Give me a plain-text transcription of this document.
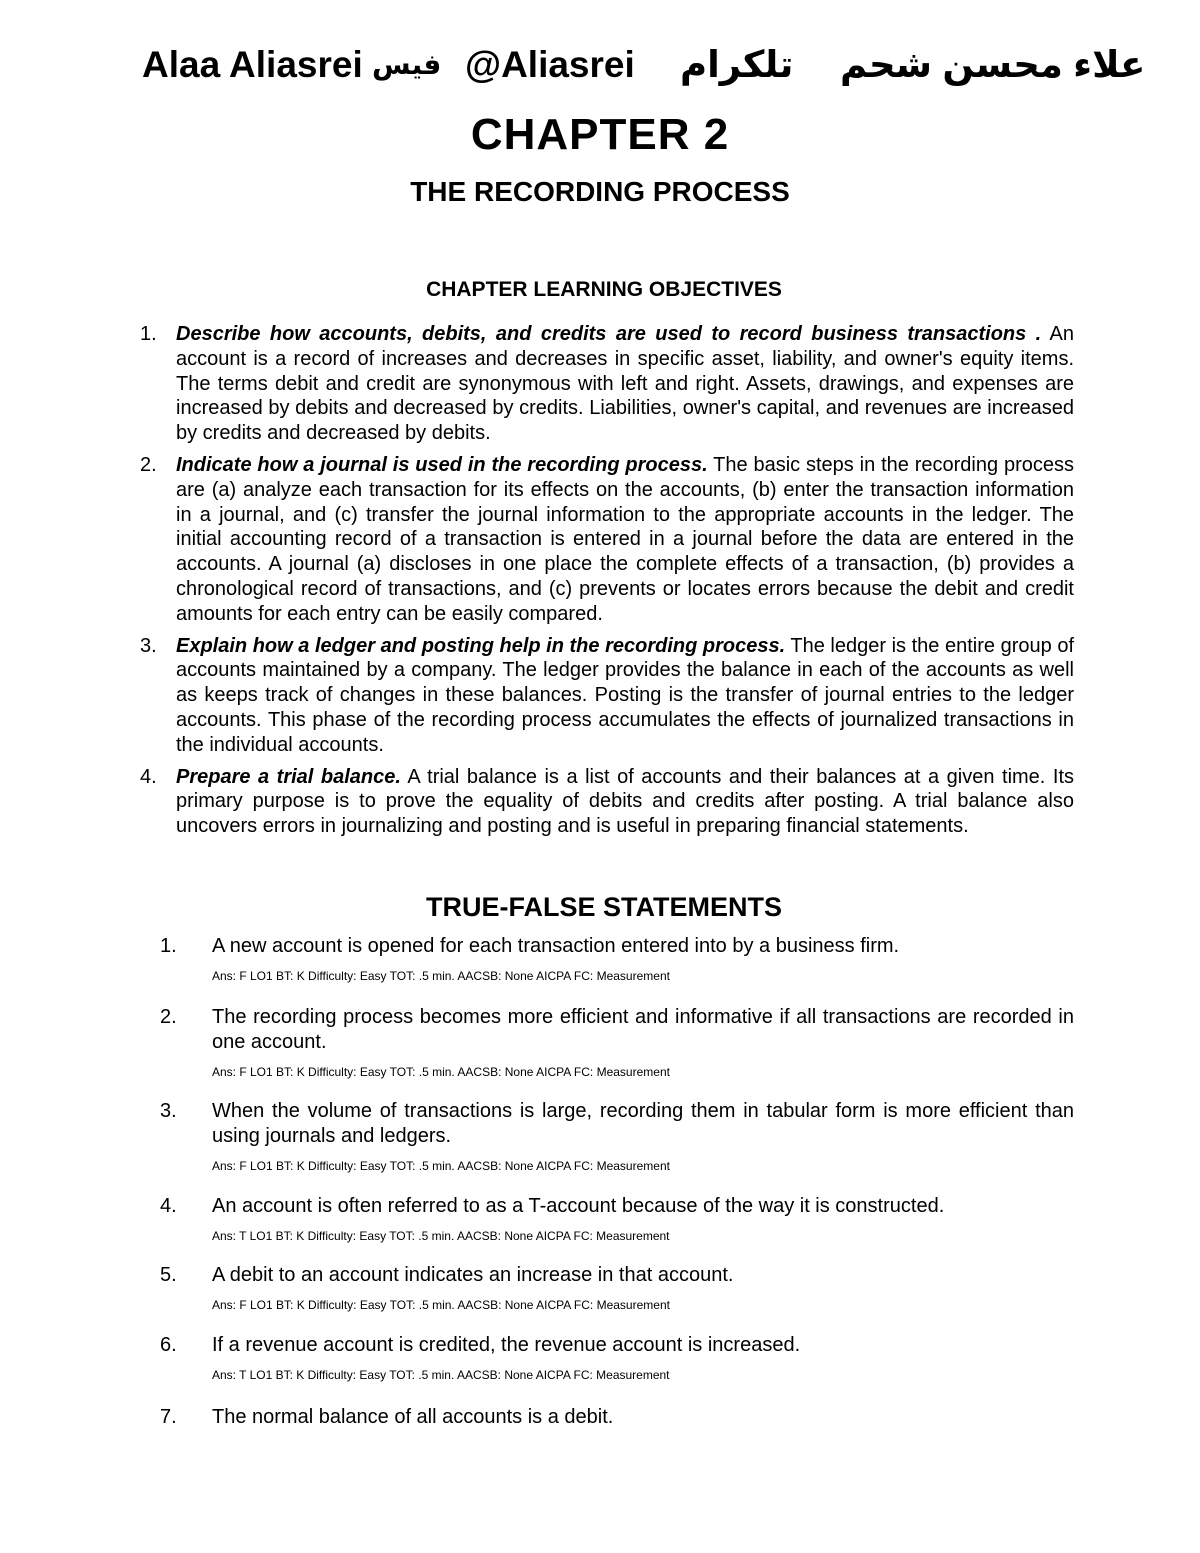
Alaa Aliasrei فيس @Aliasrei تلكرام علاء محسن شحم
CHAPTER 2
THE RECORDING PROCESS
CHAPTER LEARNING OBJECTIVES
1. Describe how accounts, debits, and credits are used to record business transactions . An account is a record of increases and decreases in specific asset, liability, and owner's equity items. The terms debit and credit are synonymous with left and right. Assets, drawings, and expenses are increased by debits and decreased by credits. Liabilities, owner's capital, and revenues are increased by credits and decreased by debits.
2. Indicate how a journal is used in the recording process. The basic steps in the recording process are (a) analyze each transaction for its effects on the accounts, (b) enter the transaction information in a journal, and (c) transfer the journal information to the appropriate accounts in the ledger. The initial accounting record of a transaction is entered in a journal before the data are entered in the accounts. A journal (a) discloses in one place the complete effects of a transaction, (b) provides a chronological record of transactions, and (c) prevents or locates errors because the debit and credit amounts for each entry can be easily compared.
3. Explain how a ledger and posting help in the recording process. The ledger is the entire group of accounts maintained by a company. The ledger provides the balance in each of the accounts as well as keeps track of changes in these balances. Posting is the transfer of journal entries to the ledger accounts. This phase of the recording process accumulates the effects of journalized transactions in the individual accounts.
4. Prepare a trial balance. A trial balance is a list of accounts and their balances at a given time. Its primary purpose is to prove the equality of debits and credits after posting. A trial balance also uncovers errors in journalizing and posting and is useful in preparing financial statements.
TRUE-FALSE STATEMENTS
1. A new account is opened for each transaction entered into by a business firm.
Ans: F LO1 BT: K Difficulty: Easy TOT: .5 min. AACSB: None AICPA FC: Measurement
2. The recording process becomes more efficient and informative if all transactions are recorded in one account.
Ans: F LO1 BT: K Difficulty: Easy TOT: .5 min. AACSB: None AICPA FC: Measurement
3. When the volume of transactions is large, recording them in tabular form is more efficient than using journals and ledgers.
Ans: F LO1 BT: K Difficulty: Easy TOT: .5 min. AACSB: None AICPA FC: Measurement
4. An account is often referred to as a T-account because of the way it is constructed.
Ans: T LO1 BT: K Difficulty: Easy TOT: .5 min. AACSB: None AICPA FC: Measurement
5. A debit to an account indicates an increase in that account.
Ans: F LO1 BT: K Difficulty: Easy TOT: .5 min. AACSB: None AICPA FC: Measurement
6. If a revenue account is credited, the revenue account is increased.
Ans: T LO1 BT: K Difficulty: Easy TOT: .5 min. AACSB: None AICPA FC: Measurement
7. The normal balance of all accounts is a debit.
